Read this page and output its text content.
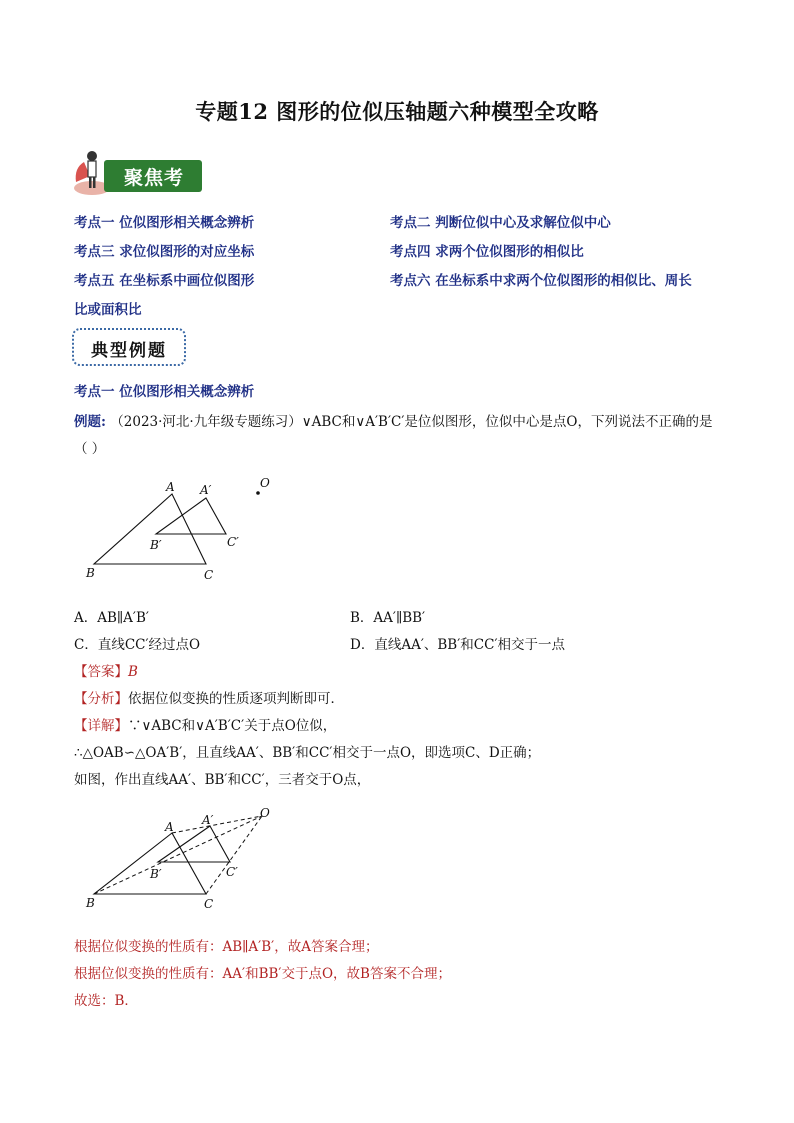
专题12 图形的位似压轴题六种模型全攻略
聚焦考点
考点一 位似图形相关概念辨析	考点二 判断位似中心及求解位似中心
考点三 求位似图形的对应坐标	考点四 求两个位似图形的相似比
考点五 在坐标系中画位似图形	考点六 在坐标系中求两个位似图形的相似比、周长
比或面积比
典型例题
考点一 位似图形相关概念辨析
例题: （2023·河北·九年级专题练习）∨ABC和∨A′B′C′是位似图形，位似中心是点O，下列说法不正确的是
（ ）
A A′	O
B′	C′
B	C
A．AB∥A′B′	B．AA′∥BB′
C．直线CC′经过点O	D．直线AA′、BB′和CC′相交于一点
【答案】B
【分析】依据位似变换的性质逐项判断即可．
【详解】∵∨ABC和∨A′B′C′关于点O位似，
∴△OAB∽△OA′B′，且直线AA′、BB′和CC′相交于一点O，即选项C、D正确；
如图，作出直线AA′、BB′和CC′，三者交于O点，
A A′	O
B′	C′
B	C
根据位似变换的性质有：AB∥A′B′，故A答案合理；
根据位似变换的性质有：AA′和BB′交于点O，故B答案不合理；
故选：B．
